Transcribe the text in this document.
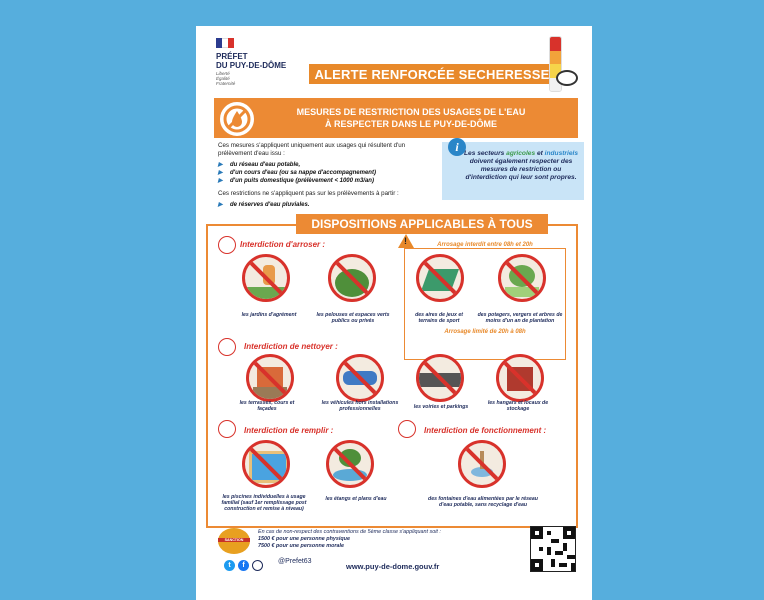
PRÉFET
DU PUY-DE-DÔME
Liberté
Égalité
Fraternité
ALERTE RENFORCÉE SECHERESSE
MESURES DE RESTRICTION DES USAGES DE L'EAU
À RESPECTER DANS LE PUY-DE-DÔME
Ces mesures s'appliquent uniquement aux usages qui résultent d'un prélèvement d'eau issu :
▶ du réseau d'eau potable,
▶ d'un cours d'eau (ou sa nappe d'accompagnement)
▶ d'un puits domestique (prélèvement < 1000 m3/an)
Ces restrictions ne s'appliquent pas sur les prélèvements à partir :
▶ de réserves d'eau pluviales.
i Les secteurs agricoles et industriels doivent également respecter des mesures de restriction ou d'interdiction qui leur sont propres.
DISPOSITIONS APPLICABLES À TOUS
Interdiction d'arroser :
les jardins d'agrément	les pelouses et espaces verts publics ou privés
!	Arrosage interdit entre 08h et 20h
des aires de jeux et terrains de sport
des potagers, vergers et arbres de moins d'un an de plantation
Arrosage limité de 20h à 08h
Interdiction de nettoyer :
les terrasses, cours et façades
les véhicules hors installations professionnelles	les voiries et parkings
les hangars et locaux de stockage
Interdiction de remplir :
les piscines individuelles à usage familial (sauf 1er remplissage post construction et remise à niveau)
les étangs et plans d'eau
Interdiction de fonctionnement :
des fontaines d'eau alimentées par le réseau d'eau potable, sans recyclage d'eau
SANCTION
En cas de non-respect des contraventions de 5ème classe s'appliquant soit :
1500 € pour une personne physique
7500 € pour une personne morale
t	f
@Prefet63
www.puy-de-dome.gouv.fr
